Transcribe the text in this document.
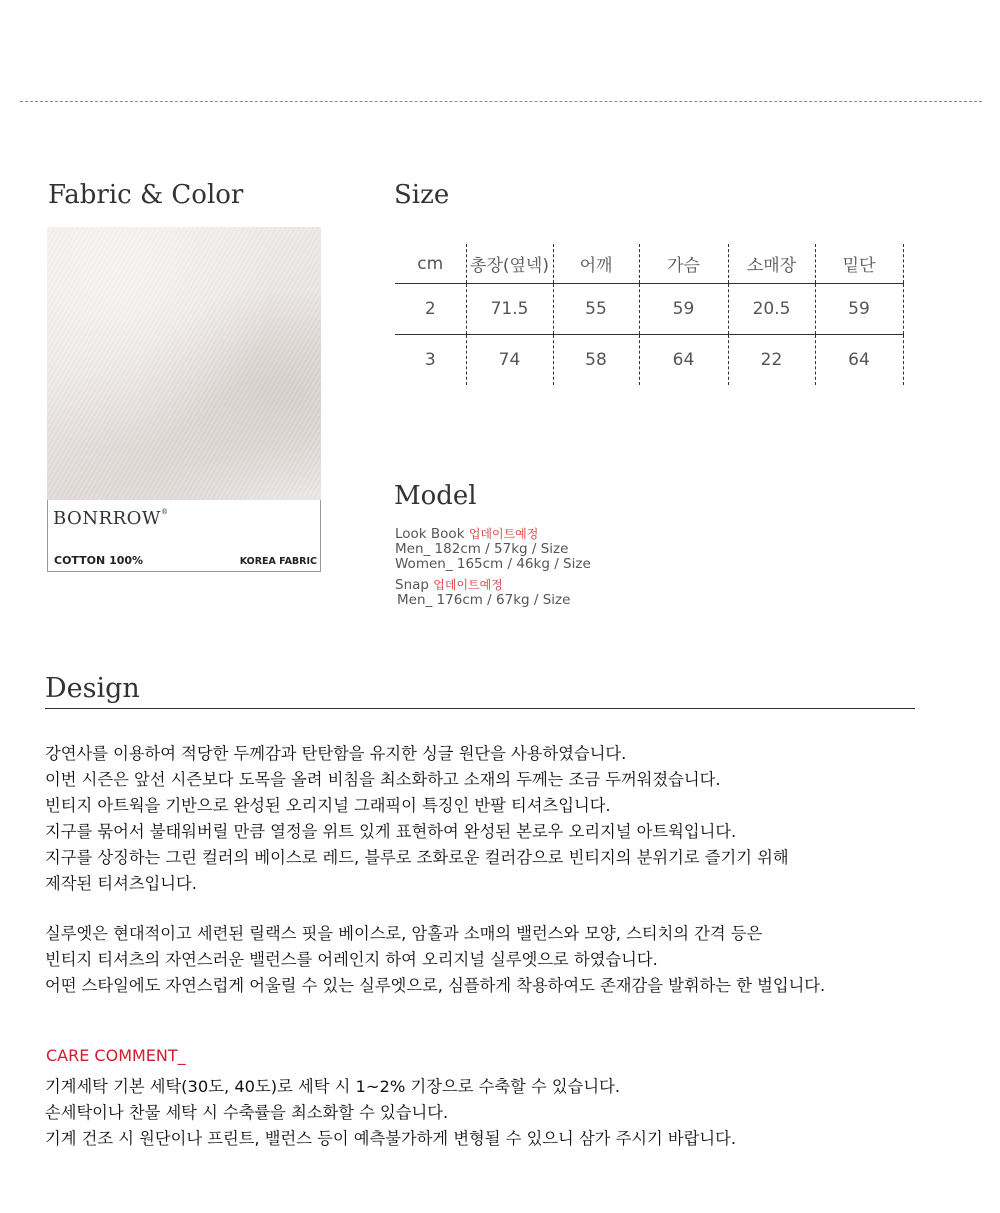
Fabric & Color
BONRROW®
COTTON 100%	KOREA FABRIC
Size
cm	총장(옆넥)	어깨	가슴	소매장	밑단
2	71.5	55	59	20.5	59
3	74	58	64	22	64
Model
Look Book 업데이트예정
Men_ 182cm / 57kg / Size
Women_ 165cm / 46kg / Size
Snap 업데이트예정
Men_ 176cm / 67kg / Size
Design
강연사를 이용하여 적당한 두께감과 탄탄함을 유지한 싱글 원단을 사용하였습니다.
이번 시즌은 앞선 시즌보다 도목을 올려 비침을 최소화하고 소재의 두께는 조금 두꺼워졌습니다.
빈티지 아트웍을 기반으로 완성된 오리지널 그래픽이 특징인 반팔 티셔츠입니다.
지구를 묶어서 불태워버릴 만큼 열정을 위트 있게 표현하여 완성된 본로우 오리지널 아트웍입니다.
지구를 상징하는 그린 컬러의 베이스로 레드, 블루로 조화로운 컬러감으로 빈티지의 분위기로 즐기기 위해
제작된 티셔츠입니다.
실루엣은 현대적이고 세련된 릴랙스 핏을 베이스로, 암홀과 소매의 밸런스와 모양, 스티치의 간격 등은
빈티지 티셔츠의 자연스러운 밸런스를 어레인지 하여 오리지널 실루엣으로 하였습니다.
어떤 스타일에도 자연스럽게 어울릴 수 있는 실루엣으로, 심플하게 착용하여도 존재감을 발휘하는 한 벌입니다.
CARE COMMENT_
기계세탁 기본 세탁(30도, 40도)로 세탁 시 1~2% 기장으로 수축할 수 있습니다.
손세탁이나 찬물 세탁 시 수축률을 최소화할 수 있습니다.
기계 건조 시 원단이나 프린트, 밸런스 등이 예측불가하게 변형될 수 있으니 삼가 주시기 바랍니다.
